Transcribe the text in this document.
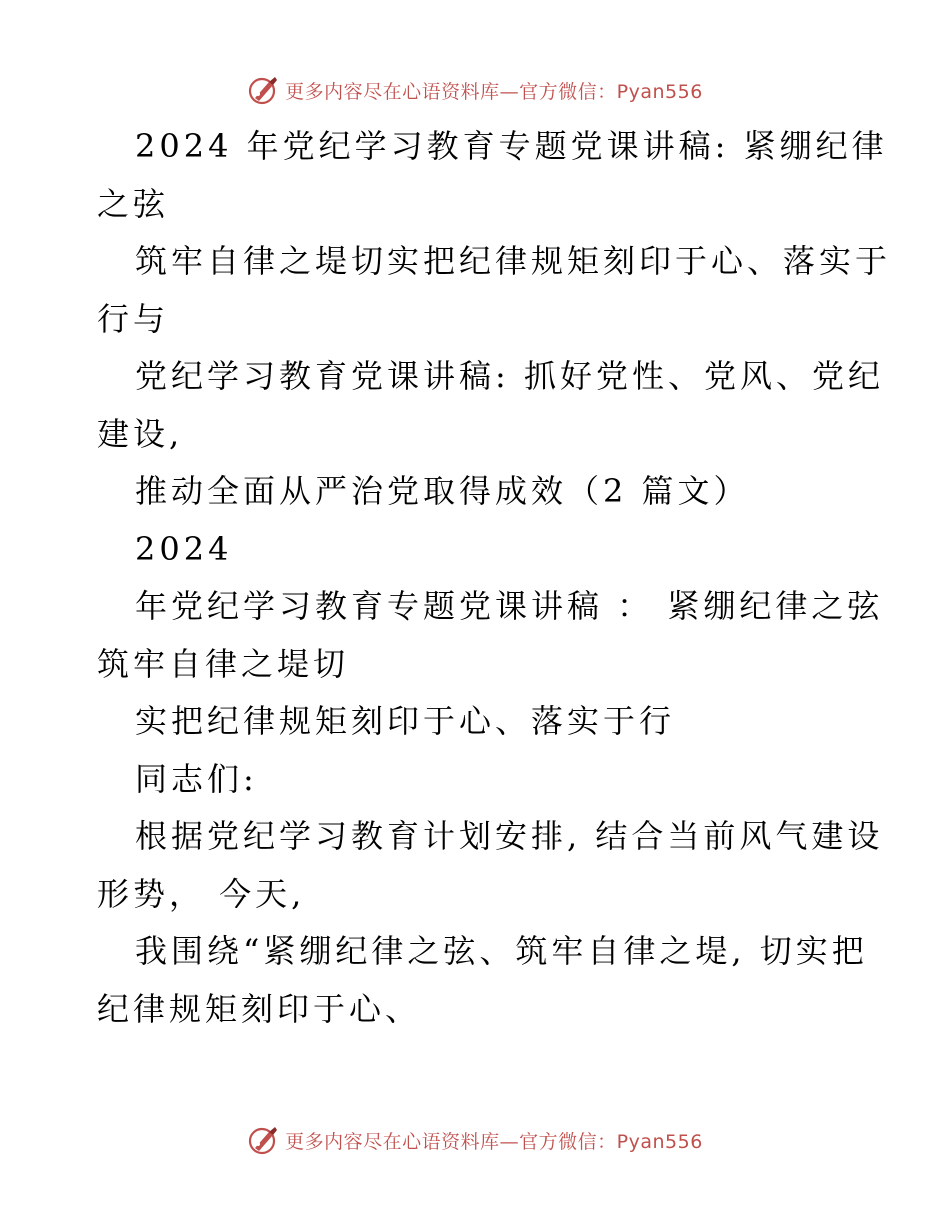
更多内容尽在心语资料库—官方微信：Pyan556
2024 年党纪学习教育专题党课讲稿: 紧绷纪律
之弦
筑牢自律之堤切实把纪律规矩刻印于心、落实于
行与
党纪学习教育党课讲稿: 抓好党性、党风、党纪
建设,
推动全面从严治党取得成效（2 篇文）
2024
年党纪学习教育专题党课讲稿 ： 紧绷纪律之弦
筑牢自律之堤切
实把纪律规矩刻印于心、落实于行
同志们:
根据党纪学习教育计划安排, 结合当前风气建设
形势， 今天,
我围绕“紧绷纪律之弦、筑牢自律之堤, 切实把
纪律规矩刻印于心、
更多内容尽在心语资料库—官方微信：Pyan556
